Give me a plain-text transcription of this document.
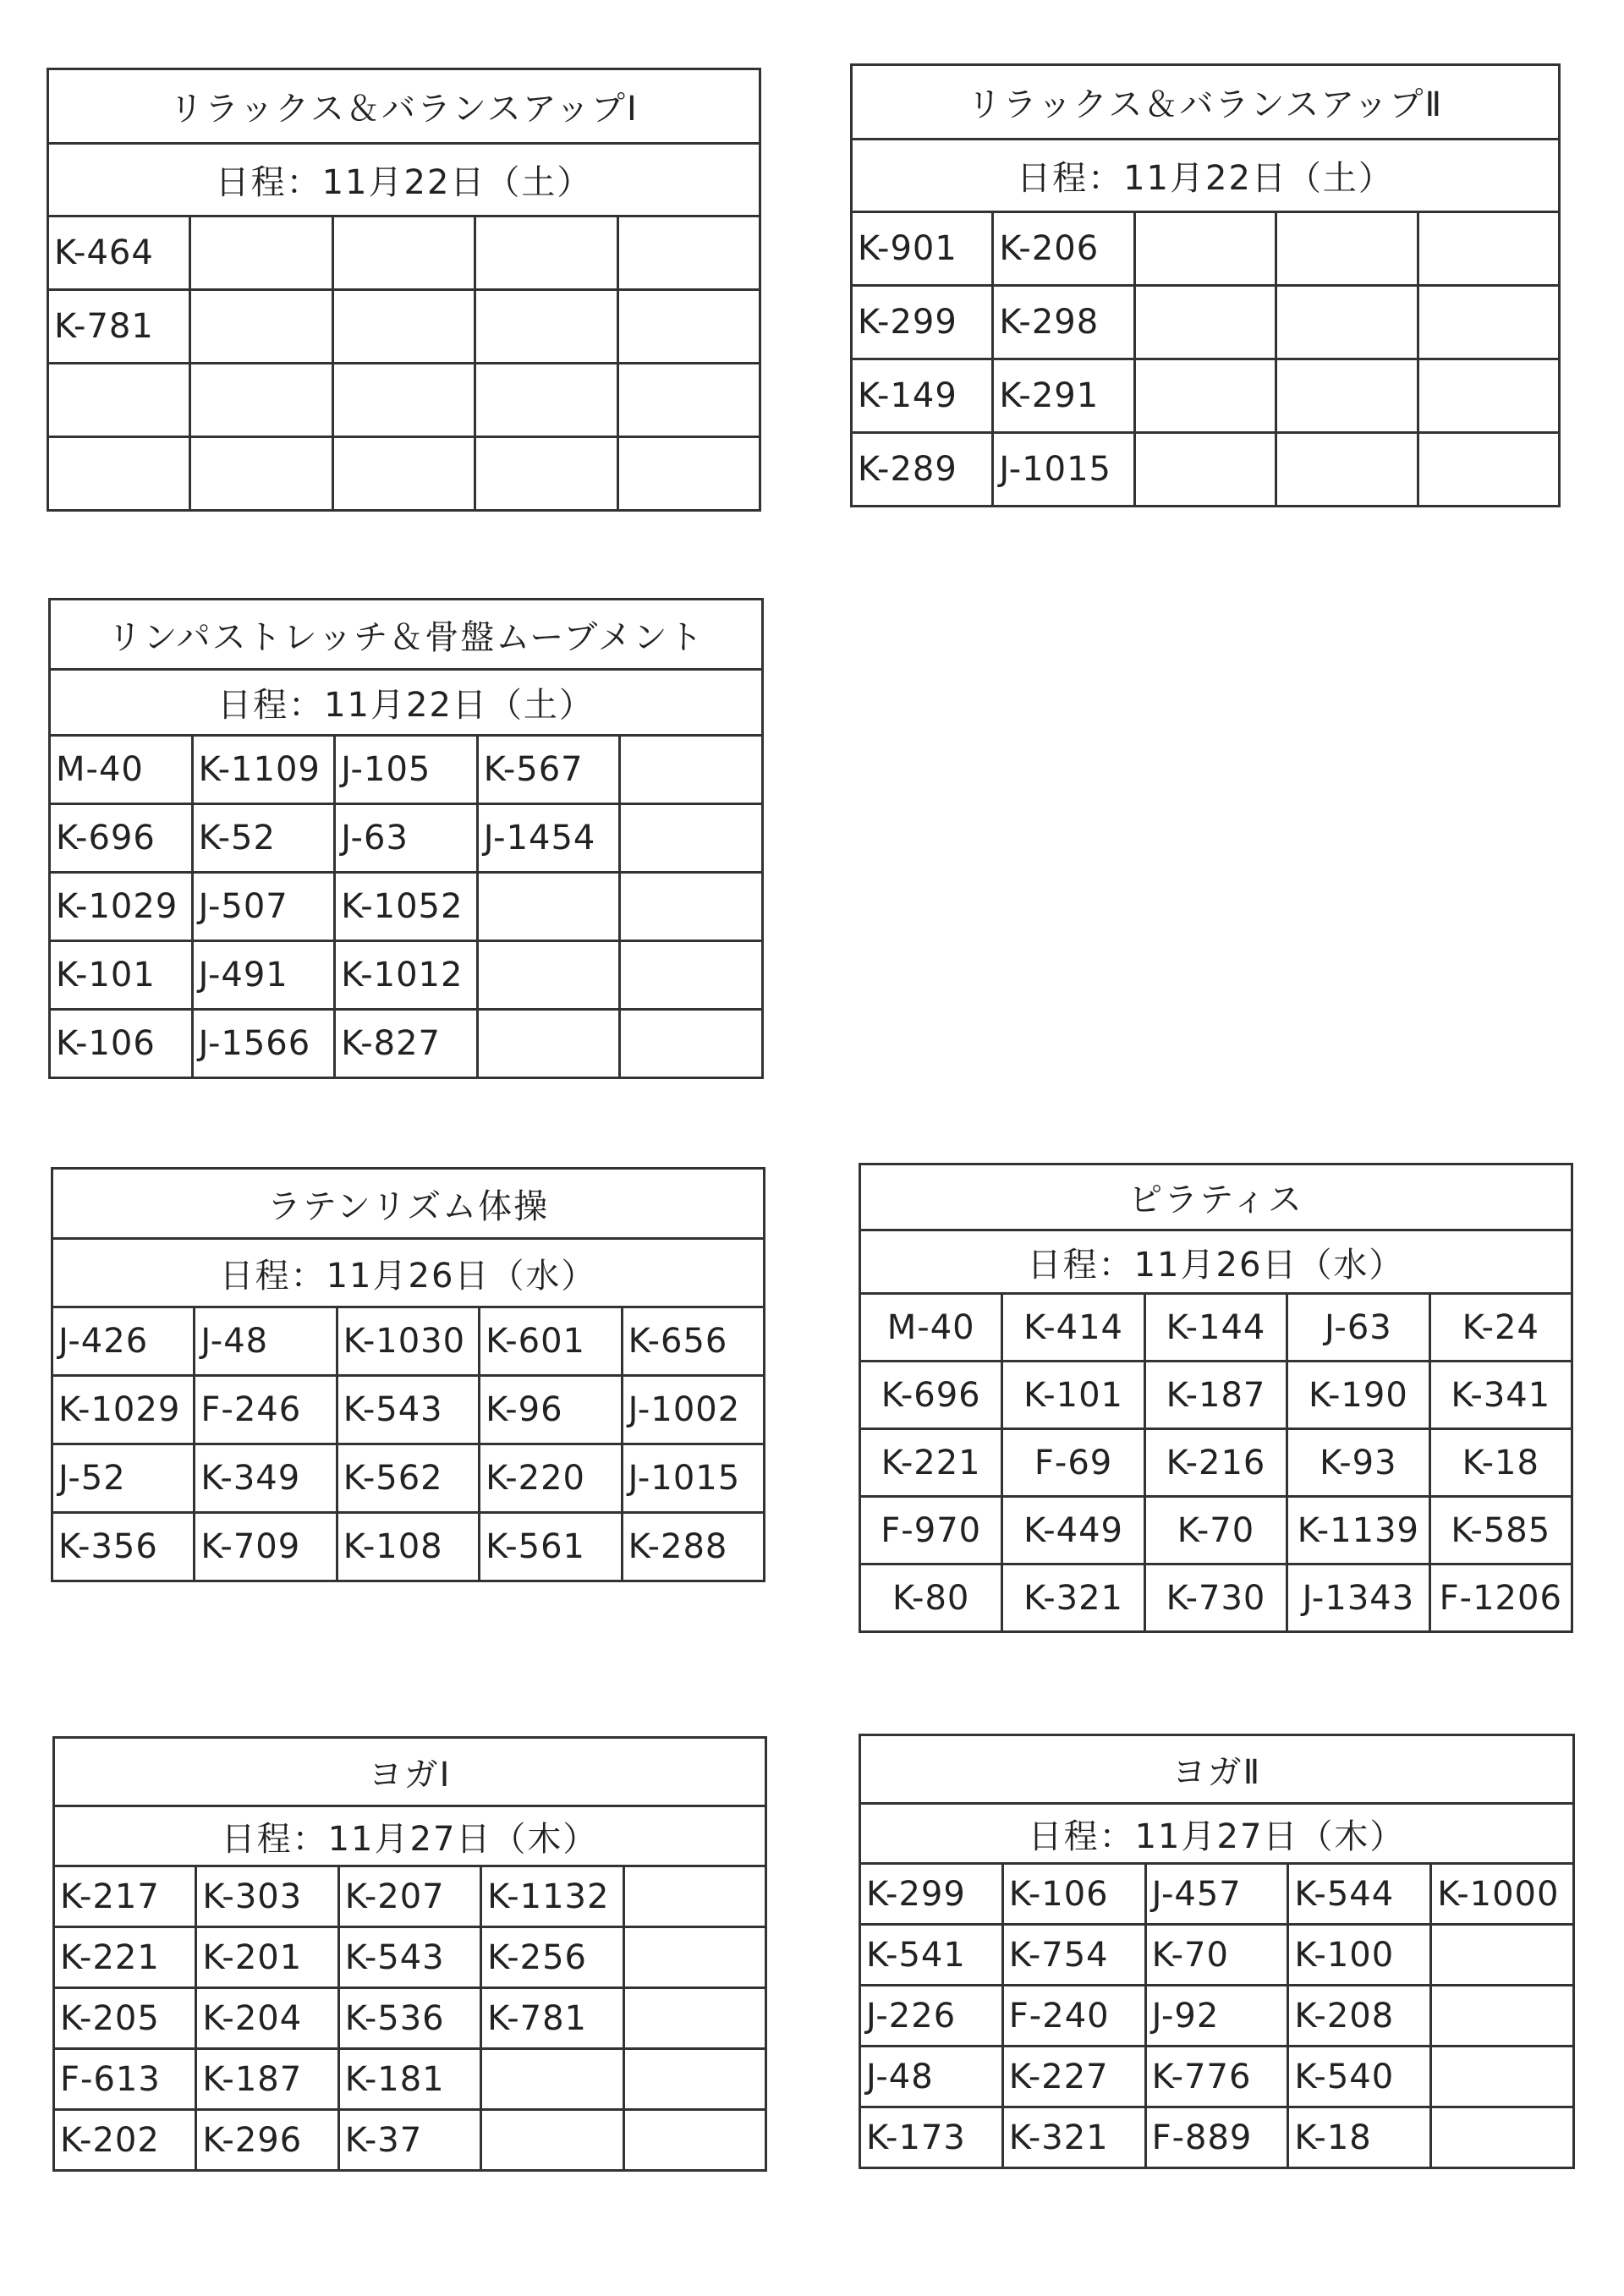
リラックス＆バランスアップⅠ				
日程：11月22日（土）				
K-464				
K-781				

リラックス＆バランスアップⅡ				
日程：11月22日（土）				
K-901	K-206			
K-299	K-298			
K-149	K-291			
K-289	J-1015			
リンパストレッチ＆骨盤ムーブメント				
日程：11月22日（土）				
M-40	K-1109	J-105	K-567	
K-696	K-52	J-63	J-1454	
K-1029	J-507	K-1052		
K-101	J-491	K-1012		
K-106	J-1566	K-827		
ラテンリズム体操				
日程：11月26日（水）				
J-426	J-48	K-1030	K-601	K-656
K-1029	F-246	K-543	K-96	J-1002
J-52	K-349	K-562	K-220	J-1015
K-356	K-709	K-108	K-561	K-288
ピラティス				
日程：11月26日（水）				
M-40	K-414	K-144	J-63	K-24
K-696	K-101	K-187	K-190	K-341
K-221	F-69	K-216	K-93	K-18
F-970	K-449	K-70	K-1139	K-585
K-80	K-321	K-730	J-1343	F-1206
ヨガⅠ				
日程：11月27日（木）				
K-217	K-303	K-207	K-1132	
K-221	K-201	K-543	K-256	
K-205	K-204	K-536	K-781	
F-613	K-187	K-181		
K-202	K-296	K-37		
ヨガⅡ				
日程：11月27日（木）				
K-299	K-106	J-457	K-544	K-1000
K-541	K-754	K-70	K-100	
J-226	F-240	J-92	K-208	
J-48	K-227	K-776	K-540	
K-173	K-321	F-889	K-18	
